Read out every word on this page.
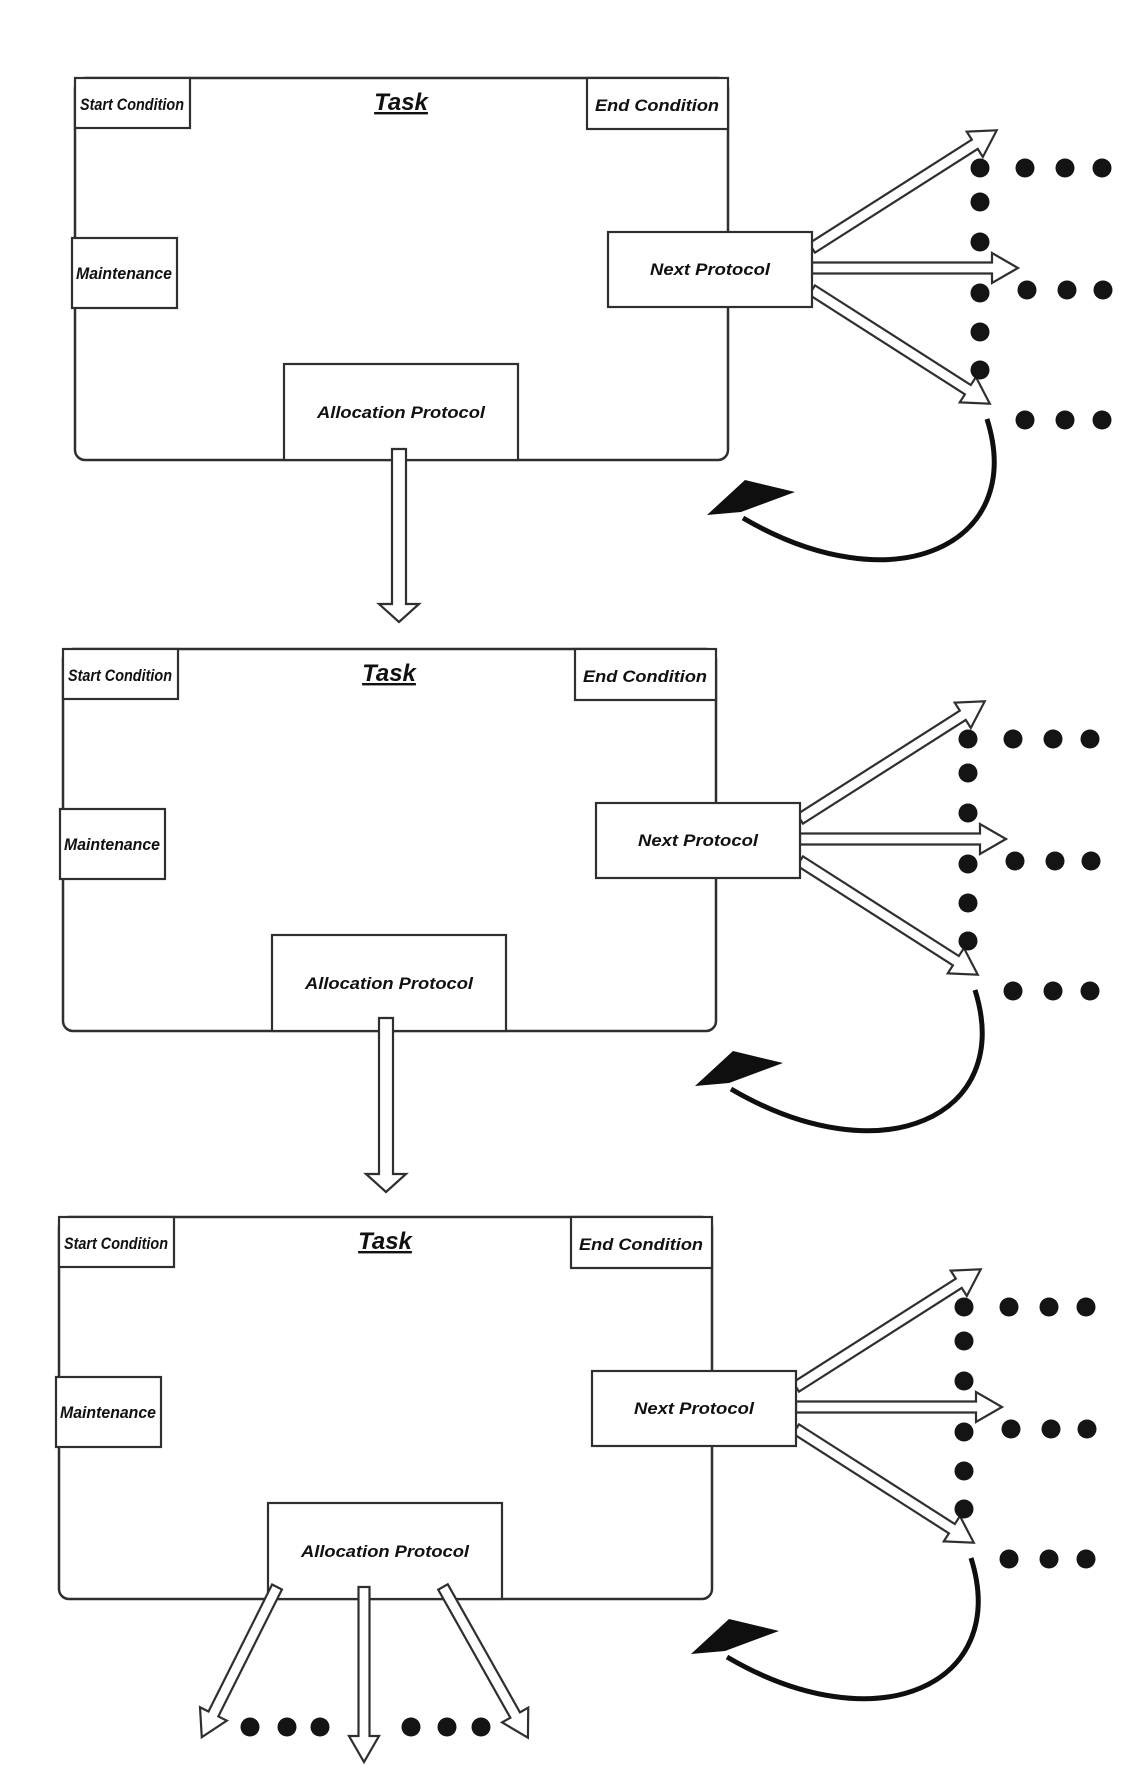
Start Condition	Task	End Condition
Maintenance	Next Protocol
Allocation Protocol
Start Condition	Task	End Condition
Maintenance	Next Protocol
Allocation Protocol
Start Condition	Task	End Condition
Maintenance	Next Protocol
Allocation Protocol
